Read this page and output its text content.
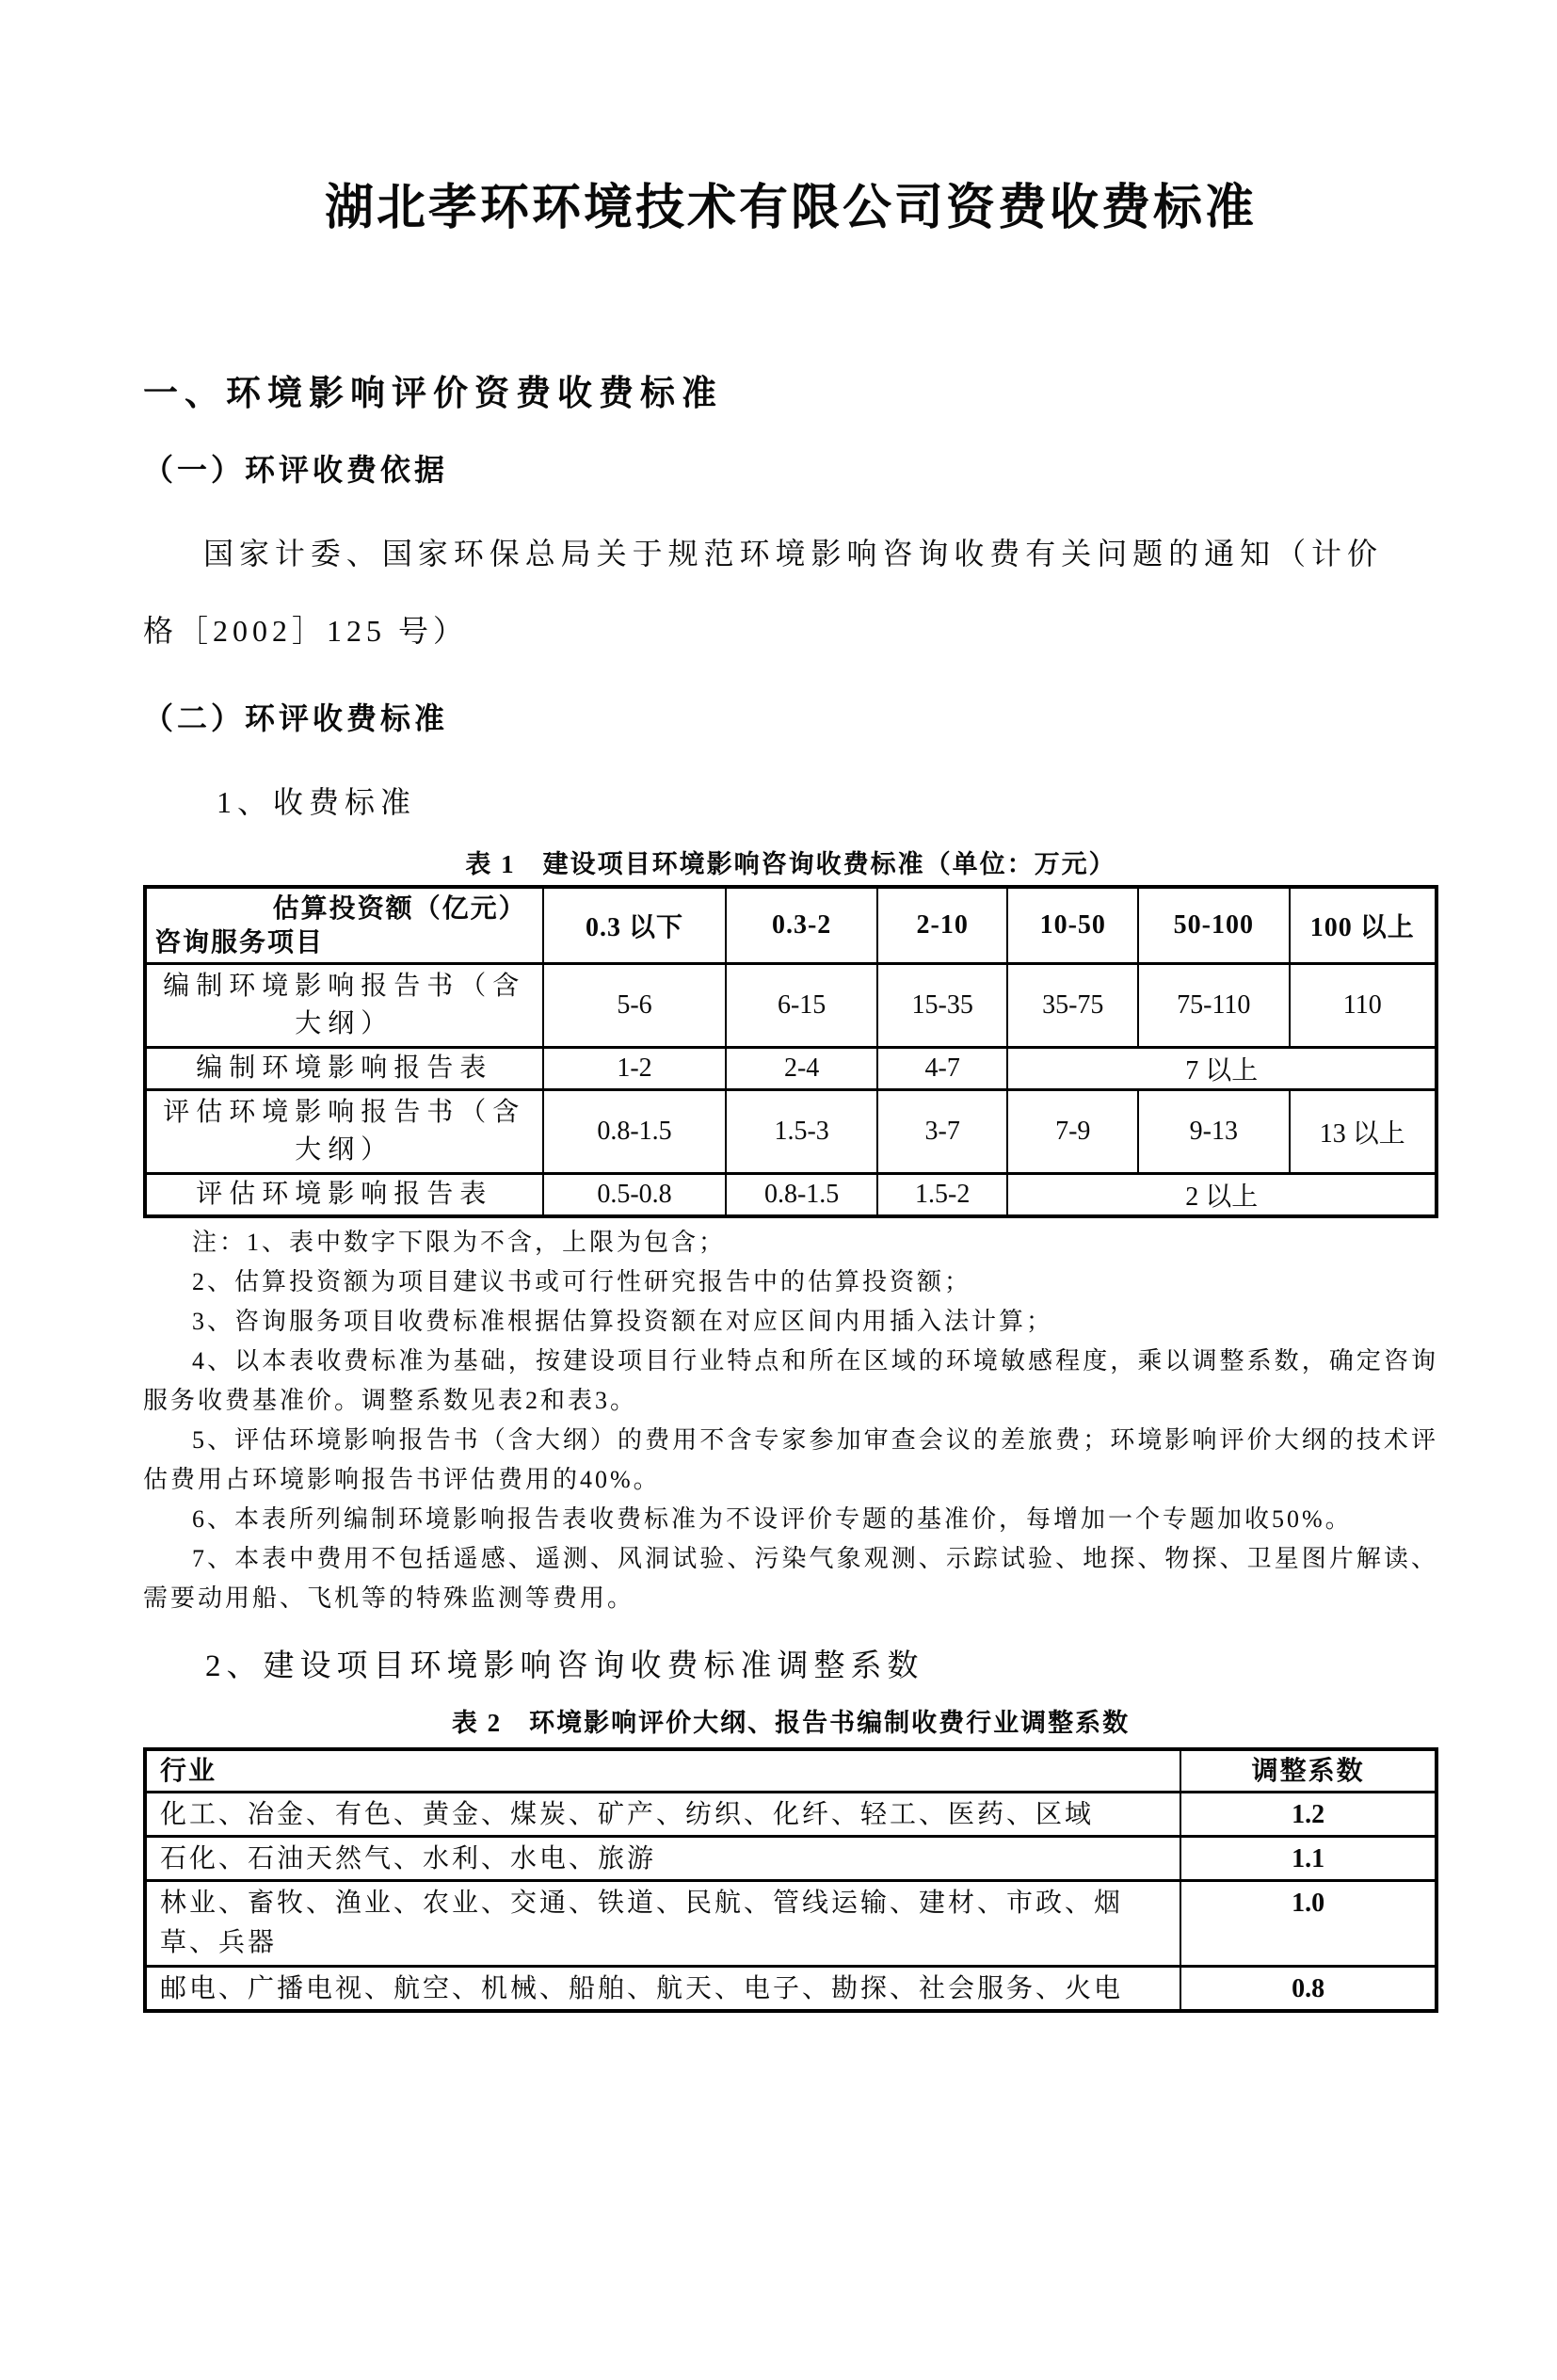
湖北孝环环境技术有限公司资费收费标准
一、环境影响评价资费收费标准
（一）环评收费依据
国家计委、国家环保总局关于规范环境影响咨询收费有关问题的通知（计价格［2002］125 号）
（二）环评收费标准
1、收费标准
表 1　建设项目环境影响咨询收费标准（单位：万元）
估算投资额（亿元）
咨询服务项目	0.3 以下	0.3-2	2-10	10-50	50-100	100 以上
编制环境影响报告书（含大纲）	5-6	6-15	15-35	35-75	75-110	110
编制环境影响报告表	1-2	2-4	4-7	7 以上		
评估环境影响报告书（含大纲）	0.8-1.5	1.5-3	3-7	7-9	9-13	13 以上
评估环境影响报告表	0.5-0.8	0.8-1.5	1.5-2	2 以上		

注：1、表中数字下限为不含，上限为包含；

2、估算投资额为项目建议书或可行性研究报告中的估算投资额；

3、咨询服务项目收费标准根据估算投资额在对应区间内用插入法计算；

4、以本表收费标准为基础，按建设项目行业特点和所在区域的环境敏感程度，乘以调整系数，确定咨询服务收费基准价。调整系数见表2和表3。

5、评估环境影响报告书（含大纲）的费用不含专家参加审查会议的差旅费；环境影响评价大纲的技术评估费用占环境影响报告书评估费用的40%。

6、本表所列编制环境影响报告表收费标准为不设评价专题的基准价，每增加一个专题加收50%。

7、本表中费用不包括遥感、遥测、风洞试验、污染气象观测、示踪试验、地探、物探、卫星图片解读、需要动用船、飞机等的特殊监测等费用。

2、建设项目环境影响咨询收费标准调整系数
表 2　环境影响评价大纲、报告书编制收费行业调整系数
行业	调整系数
化工、冶金、有色、黄金、煤炭、矿产、纺织、化纤、轻工、医药、区域	1.2
石化、石油天然气、水利、水电、旅游	1.1
林业、畜牧、渔业、农业、交通、铁道、民航、管线运输、建材、市政、烟草、兵器	1.0
邮电、广播电视、航空、机械、船舶、航天、电子、勘探、社会服务、火电	0.8
